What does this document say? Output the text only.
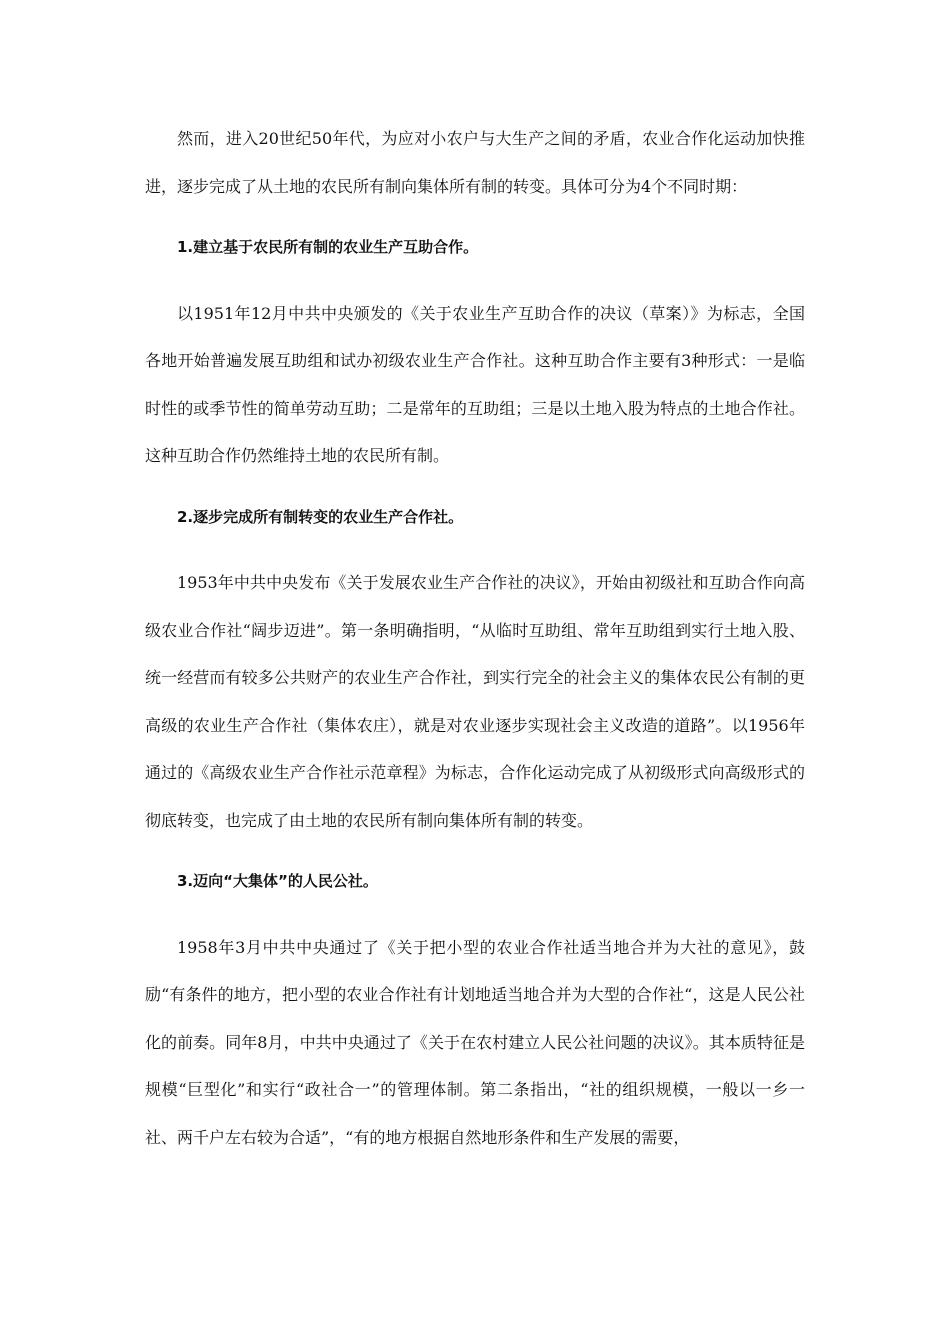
然而，进入20世纪50年代，为应对小农户与大生产之间的矛盾，农业合作化运动加快推进，逐步完成了从土地的农民所有制向集体所有制的转变。具体可分为4个不同时期：

1.建立基于农民所有制的农业生产互助合作。

以1951年12月中共中央颁发的《关于农业生产互助合作的决议（草案）》为标志，全国各地开始普遍发展互助组和试办初级农业生产合作社。这种互助合作主要有3种形式：一是临时性的或季节性的简单劳动互助；二是常年的互助组；三是以土地入股为特点的土地合作社。这种互助合作仍然维持土地的农民所有制。

2.逐步完成所有制转变的农业生产合作社。

1953年中共中央发布《关于发展农业生产合作社的决议》，开始由初级社和互助合作向高级农业合作社“阔步迈进”。第一条明确指明，“从临时互助组、常年互助组到实行土地入股、统一经营而有较多公共财产的农业生产合作社，到实行完全的社会主义的集体农民公有制的更高级的农业生产合作社（集体农庄），就是对农业逐步实现社会主义改造的道路”。以1956年通过的《高级农业生产合作社示范章程》为标志，合作化运动完成了从初级形式向高级形式的彻底转变，也完成了由土地的农民所有制向集体所有制的转变。

3.迈向“大集体”的人民公社。

1958年3月中共中央通过了《关于把小型的农业合作社适当地合并为大社的意见》，鼓励“有条件的地方，把小型的农业合作社有计划地适当地合并为大型的合作社“，这是人民公社化的前奏。同年8月，中共中央通过了《关于在农村建立人民公社问题的决议》。其本质特征是规模“巨型化”和实行“政社合一”的管理体制。第二条指出，“社的组织规模，一般以一乡一社、两千户左右较为合适”，“有的地方根据自然地形条件和生产发展的需要，
